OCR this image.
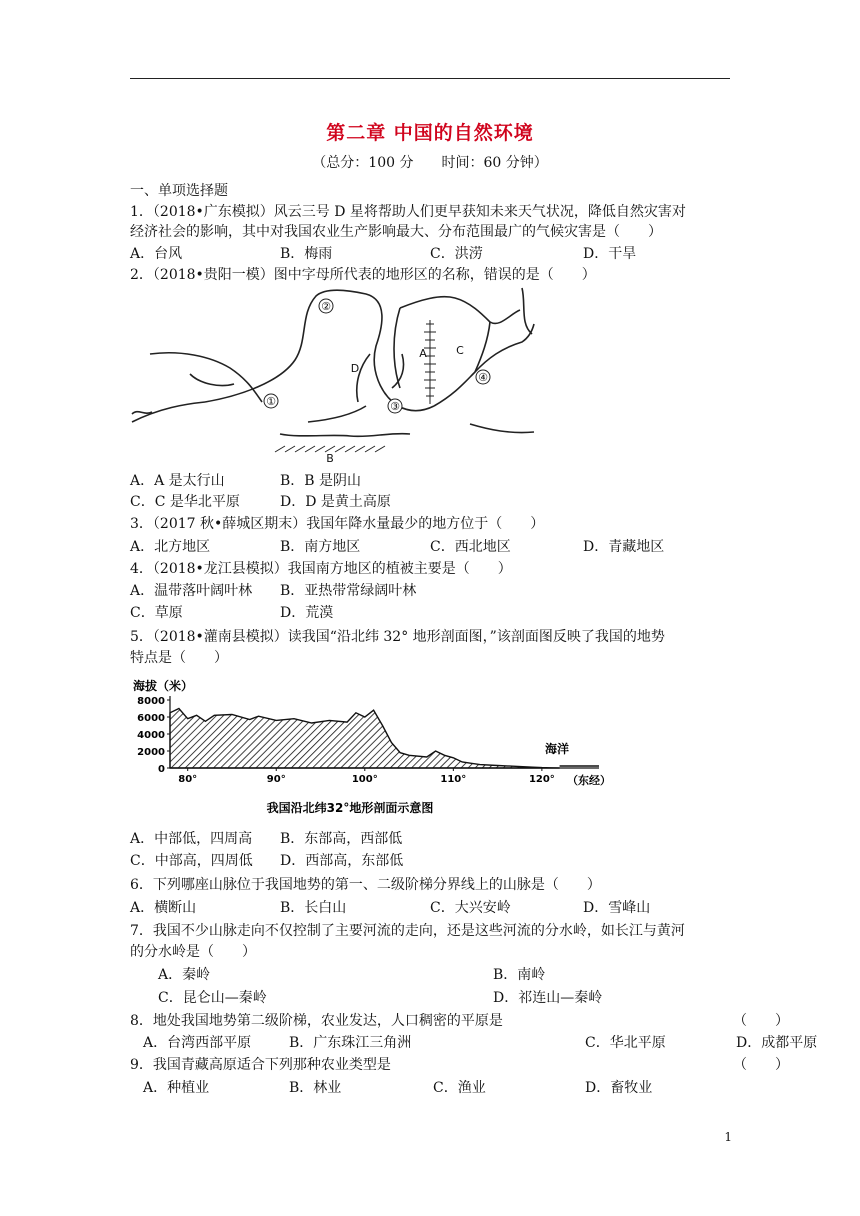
第二章 中国的自然环境
（总分：100 分　　时间：60 分钟）
一、单项选择题
1．（2018•广东模拟）风云三号 D 星将帮助人们更早获知未来天气状况，降低自然灾害对
经济社会的影响，其中对我国农业生产影响最大、分布范围最广的气候灾害是（　　）
A．台风	B．梅雨	C．洪涝	D．干旱
2．（2018•贵阳一模）图中字母所代表的地形区的名称，错误的是（　　）
②
A	C
D
④
①	③
B
A．A 是太行山	B．B 是阴山
C．C 是华北平原	D．D 是黄土高原
3．（2017 秋•薛城区期末）我国年降水量最少的地方位于（　　）
A．北方地区	B．南方地区	C．西北地区	D．青藏地区
4．（2018•龙江县模拟）我国南方地区的植被主要是（　　）
A．温带落叶阔叶林 B．亚热带常绿阔叶林
C．草原	D．荒漠
5．（2018•灌南县模拟）读我国“沿北纬 32° 地形剖面图，”该剖面图反映了我国的地势
特点是（　　）
海拔（米）
8000
6000
4000
2000
0
80°	90°	100°	110°	120°
海洋
（东经）
我国沿北纬32°地形剖面示意图
A．中部低，四周高 B．东部高，西部低
C．中部高，四周低 D．西部高，东部低
6．下列哪座山脉位于我国地势的第一、二级阶梯分界线上的山脉是（　　）
A．横断山	B．长白山	C．大兴安岭	D．雪峰山
7．我国不少山脉走向不仅控制了主要河流的走向，还是这些河流的分水岭，如长江与黄河
的分水岭是（　　）
A．秦岭	B．南岭
C．昆仑山—秦岭	D．祁连山—秦岭
8．地处我国地势第二级阶梯，农业发达，人口稠密的平原是	（　　）
A．台湾西部平原	B．广东珠江三角洲	C．华北平原	D．成都平原
9．我国青藏高原适合下列那种农业类型是	（　　）
A．种植业	B．林业	C．渔业	D．畜牧业
1
